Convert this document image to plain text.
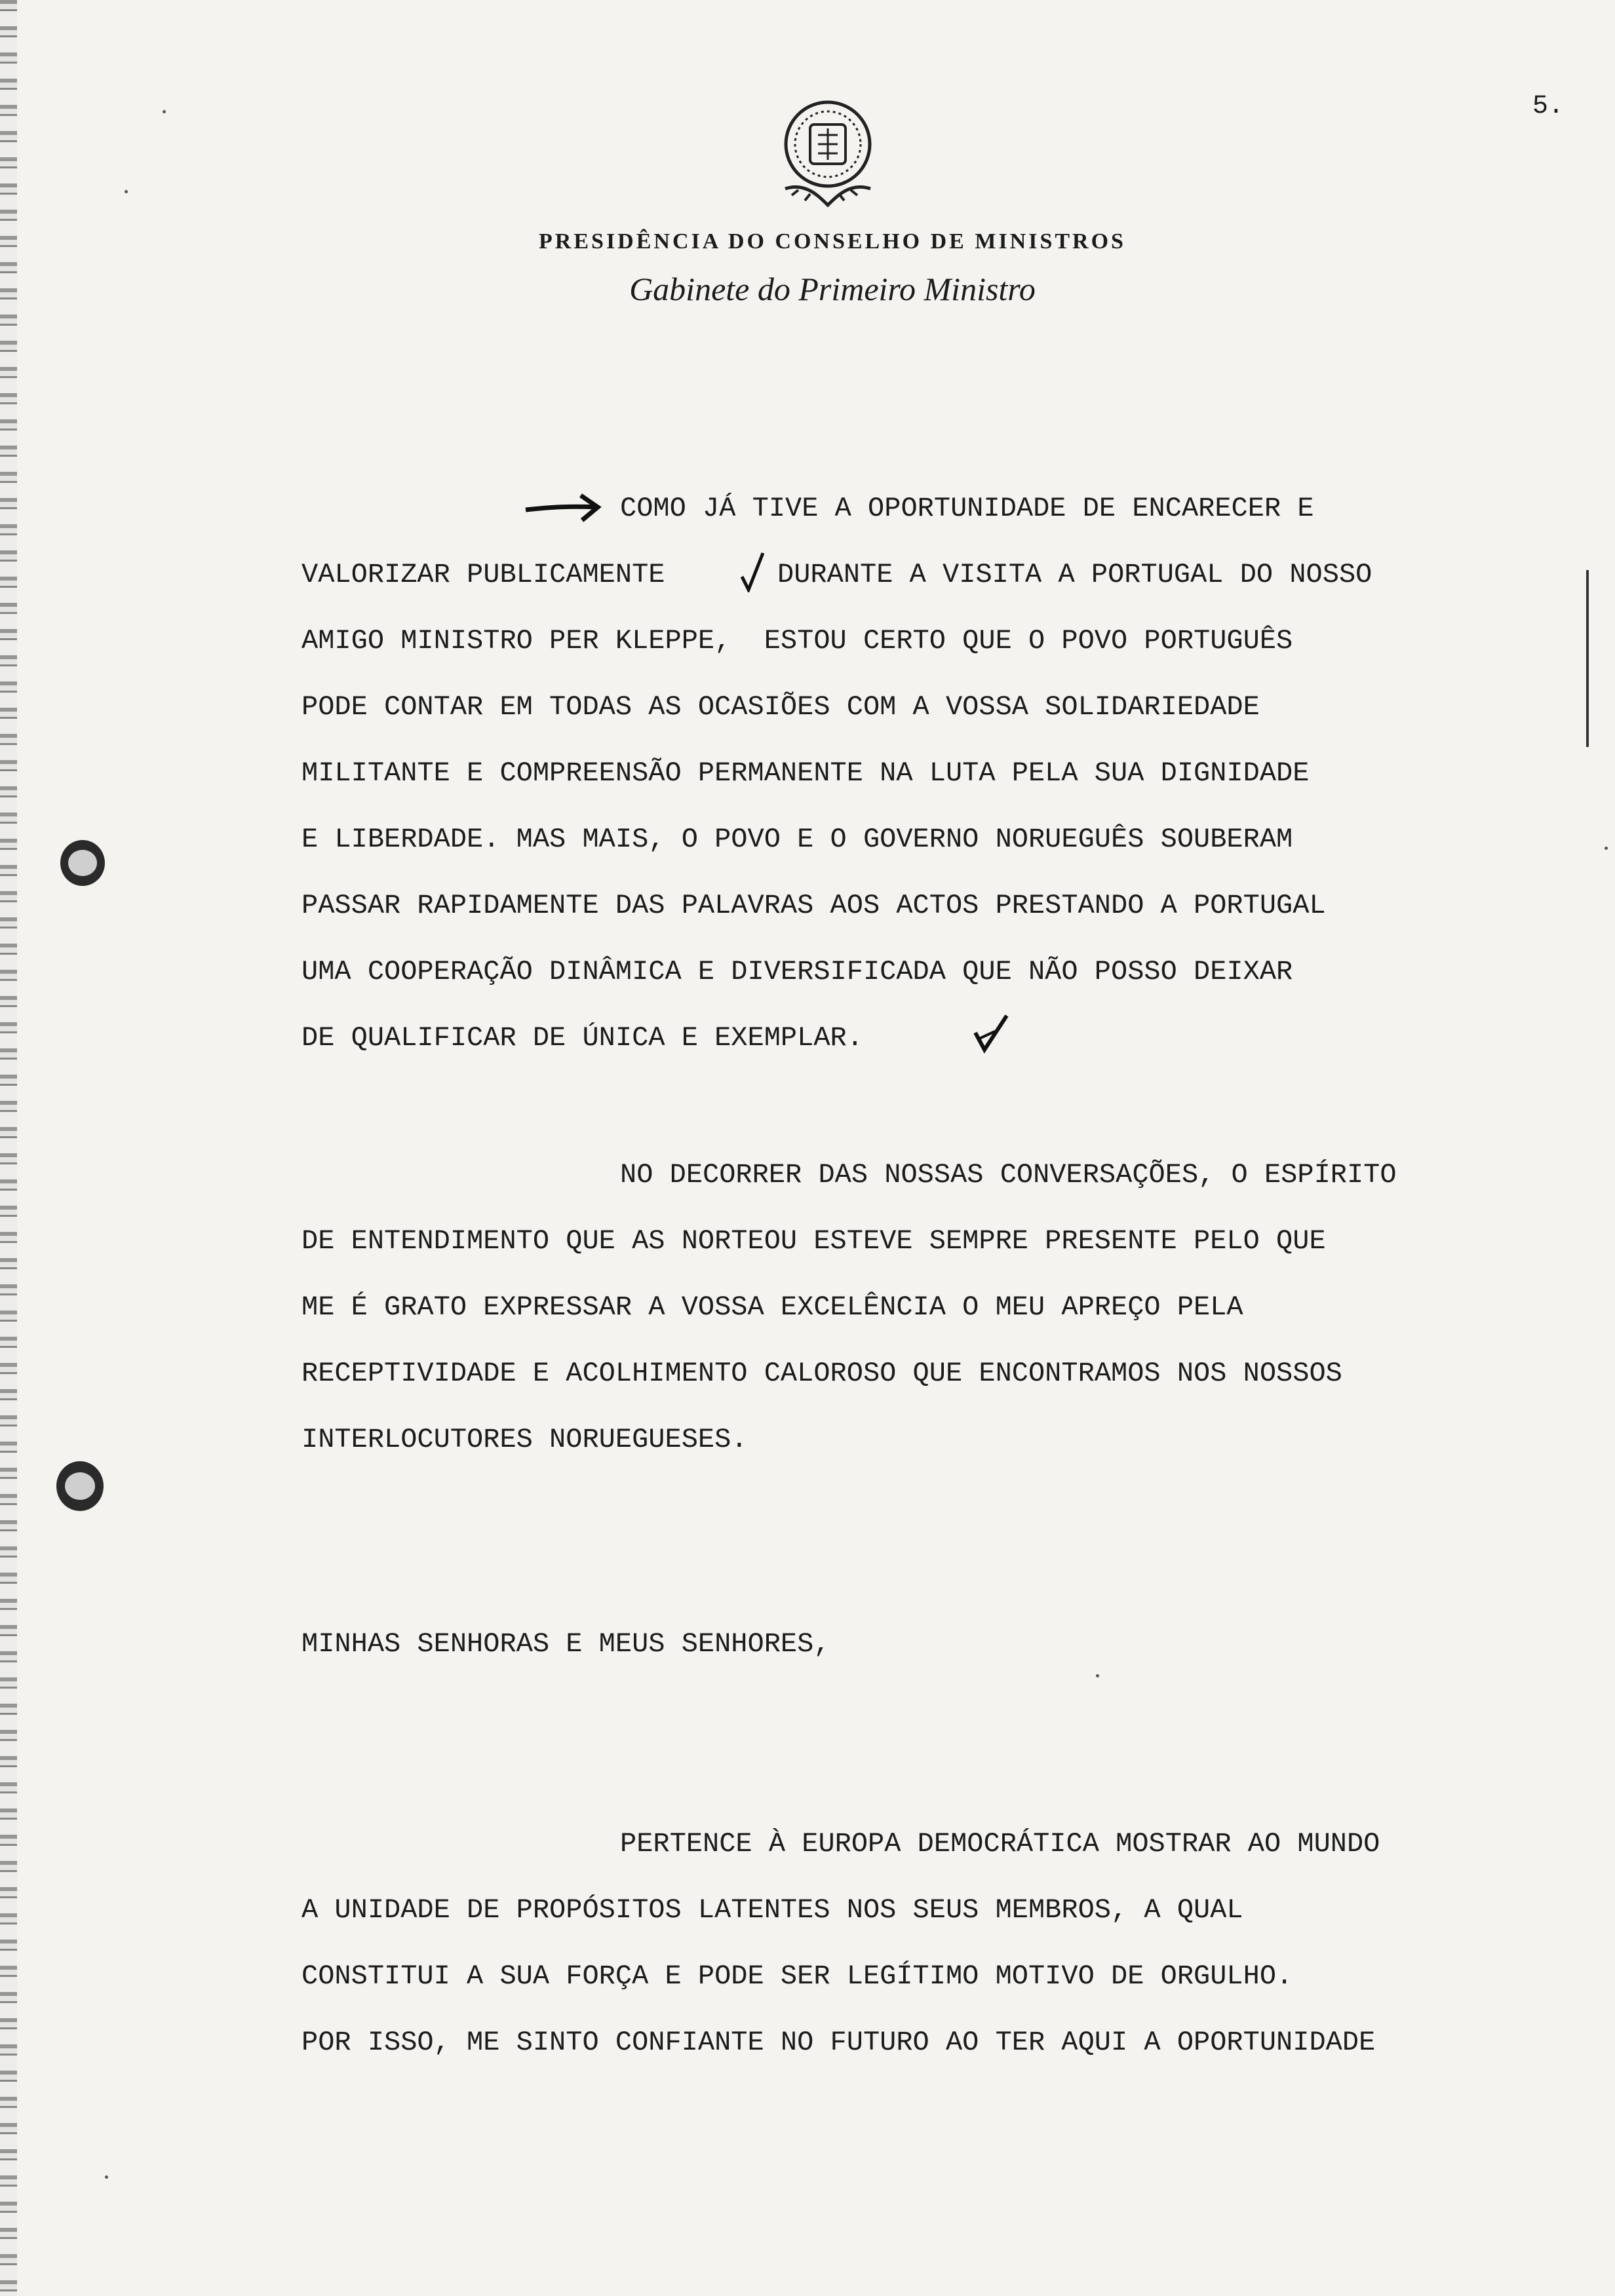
5.
PRESIDÊNCIA DO CONSELHO DE MINISTROS
Gabinete do Primeiro Ministro
COMO JÁ TIVE A OPORTUNIDADE DE ENCARECER E
VALORIZAR PUBLICAMENTE	DURANTE A VISITA A PORTUGAL DO NOSSO
AMIGO MINISTRO PER KLEPPE,  ESTOU CERTO QUE O POVO PORTUGUÊS
PODE CONTAR EM TODAS AS OCASIÕES COM A VOSSA SOLIDARIEDADE
MILITANTE E COMPREENSÃO PERMANENTE NA LUTA PELA SUA DIGNIDADE
E LIBERDADE. MAS MAIS, O POVO E O GOVERNO NORUEGUÊS SOUBERAM
PASSAR RAPIDAMENTE DAS PALAVRAS AOS ACTOS PRESTANDO A PORTUGAL
UMA COOPERAÇÃO DINÂMICA E DIVERSIFICADA QUE NÃO POSSO DEIXAR
DE QUALIFICAR DE ÚNICA E EXEMPLAR.
NO DECORRER DAS NOSSAS CONVERSAÇÕES, O ESPÍRITO
DE ENTENDIMENTO QUE AS NORTEOU ESTEVE SEMPRE PRESENTE PELO QUE
ME É GRATO EXPRESSAR A VOSSA EXCELÊNCIA O MEU APREÇO PELA
RECEPTIVIDADE E ACOLHIMENTO CALOROSO QUE ENCONTRAMOS NOS NOSSOS
INTERLOCUTORES NORUEGUESES.
MINHAS SENHORAS E MEUS SENHORES,
PERTENCE À EUROPA DEMOCRÁTICA MOSTRAR AO MUNDO
A UNIDADE DE PROPÓSITOS LATENTES NOS SEUS MEMBROS, A QUAL
CONSTITUI A SUA FORÇA E PODE SER LEGÍTIMO MOTIVO DE ORGULHO.
POR ISSO, ME SINTO CONFIANTE NO FUTURO AO TER AQUI A OPORTUNIDADE
